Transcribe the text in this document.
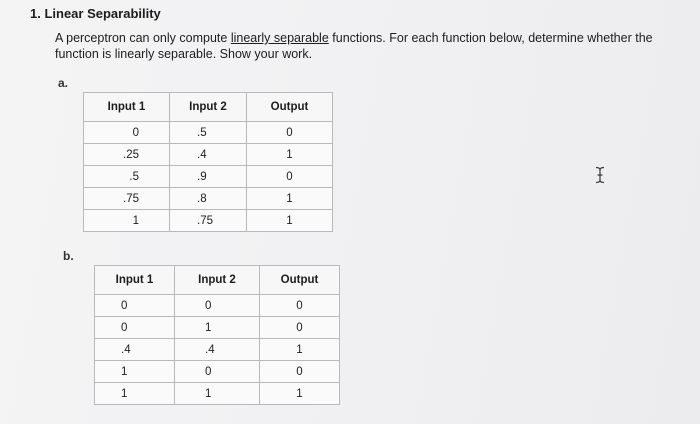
1. Linear Separability
A perceptron can only compute linearly separable functions. For each function below, determine whether the function is linearly separable. Show your work.
a.
Input 1	Input 2	Output
0	.5	0
.25	.4	1
.5	.9	0
.75	.8	1
1	.75	1
b.
Input 1	Input 2	Output
0	0	0
0	1	0
.4	.4	1
1	0	0
1	1	1
